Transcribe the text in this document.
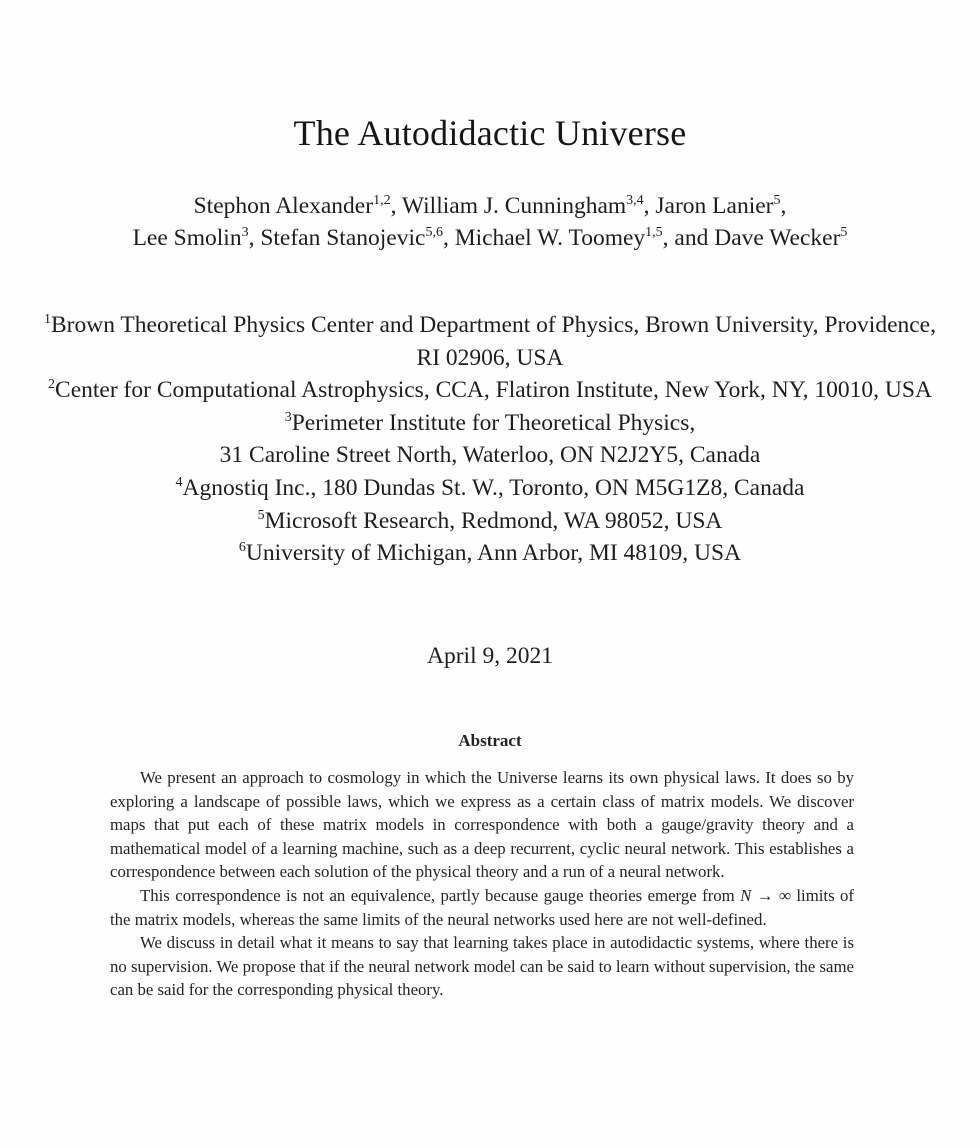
The Autodidactic Universe
Stephon Alexander$^{1,2}$, William J. Cunningham$^{3,4}$, Jaron Lanier$^5$,
Lee Smolin$^3$, Stefan Stanojevic$^{5,6}$, Michael W. Toomey$^{1,5}$, and Dave Wecker$^5$
$^1$Brown Theoretical Physics Center and Department of Physics, Brown University, Providence, RI 02906, USA
$^2$Center for Computational Astrophysics, CCA, Flatiron Institute, New York, NY, 10010, USA
$^3$Perimeter Institute for Theoretical Physics,
31 Caroline Street North, Waterloo, ON N2J2Y5, Canada
$^4$Agnostiq Inc., 180 Dundas St. W., Toronto, ON M5G1Z8, Canada
$^5$Microsoft Research, Redmond, WA 98052, USA
$^6$University of Michigan, Ann Arbor, MI 48109, USA
April 9, 2021
Abstract

We present an approach to cosmology in which the Universe learns its own physical laws. It does so by exploring a landscape of possible laws, which we express as a certain class of matrix models. We discover maps that put each of these matrix models in correspondence with both a gauge/gravity theory and a mathematical model of a learning machine, such as a deep recurrent, cyclic neural network. This establishes a correspondence between each solution of the physical theory and a run of a neural network.

This correspondence is not an equivalence, partly because gauge theories emerge from N → ∞ limits of the matrix models, whereas the same limits of the neural networks used here are not well-defined.

We discuss in detail what it means to say that learning takes place in autodidactic systems, where there is no supervision. We propose that if the neural network model can be said to learn without supervision, the same can be said for the corresponding physical theory.
